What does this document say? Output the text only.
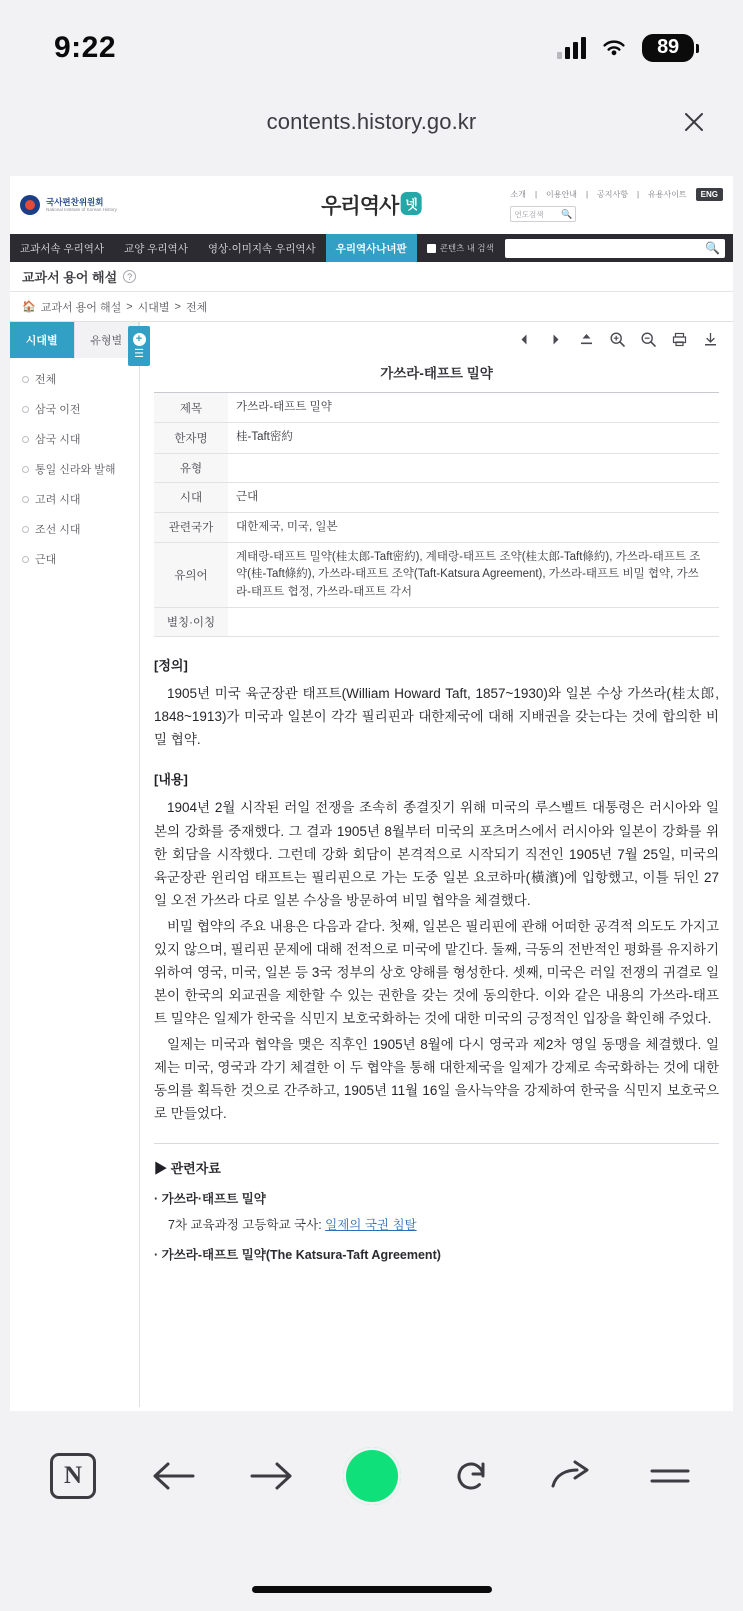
9:22	89
contents.history.go.kr
국사편찬위원회
National Institute of Korean History	우리역사 넷
소개 | 이용안내 | 공지사항 | 유용사이트	ENG
연도검색 🔍
교과서속 우리역사	교양 우리역사	영상·이미지속 우리역사	우리역사나녀판	콘텐츠 내 검색	🔍
교과서 용어 해설	?
🏠 교과서 용어 해설 > 시대별 > 전체
시대별	유형별
전체
삼국 이전
삼국 시대
통일 신라와 발해
고려 시대
조선 시대
근대
+
☰
가쓰라-태프트 밀약
제목	가쓰라-태프트 밀약
한자명	桂-Taft密約
유형	
시대	근대
관련국가	대한제국, 미국, 일본
유의어	계태랑-태프트 밀약(桂太郎-Taft密約), 계태랑-태프트 조약(桂太郎-Taft條約), 가쓰라-태프트 조약(桂-Taft條約), 가쓰라-태프트 조약(Taft-Katsura Agreement), 가쓰라-태프트 비밀 협약, 가쓰라-태프트 협정, 가쓰라-태프트 각서
별칭·이칭	
[정의]

1905년 미국 육군장관 태프트(William Howard Taft, 1857~1930)와 일본 수상 가쓰라(桂太郎, 1848~1913)가 미국과 일본이 각각 필리핀과 대한제국에 대해 지배권을 갖는다는 것에 합의한 비밀 협약.

[내용]

1904년 2월 시작된 러일 전쟁을 조속히 종결짓기 위해 미국의 루스벨트 대통령은 러시아와 일본의 강화를 중재했다. 그 결과 1905년 8월부터 미국의 포츠머스에서 러시아와 일본이 강화를 위한 회담을 시작했다. 그런데 강화 회담이 본격적으로 시작되기 직전인 1905년 7월 25일, 미국의 육군장관 윈리엄 태프트는 필리핀으로 가는 도중 일본 요코하마(橫濱)에 입항했고, 이틀 뒤인 27일 오전 가쓰라 다로 일본 수상을 방문하여 비밀 협약을 체결했다.

비밀 협약의 주요 내용은 다음과 같다. 첫째, 일본은 필리핀에 관해 어떠한 공격적 의도도 가지고 있지 않으며, 필리핀 문제에 대해 전적으로 미국에 맡긴다. 둘째, 극동의 전반적인 평화를 유지하기 위하여 영국, 미국, 일본 등 3국 정부의 상호 양해를 형성한다. 셋째, 미국은 러일 전쟁의 귀결로 일본이 한국의 외교권을 제한할 수 있는 권한을 갖는 것에 동의한다. 이와 같은 내용의 가쓰라-태프트 밀약은 일제가 한국을 식민지 보호국화하는 것에 대한 미국의 긍정적인 입장을 확인해 주었다.

일제는 미국과 협약을 맺은 직후인 1905년 8월에 다시 영국과 제2차 영일 동맹을 체결했다. 일제는 미국, 영국과 각기 체결한 이 두 협약을 통해 대한제국을 일제가 강제로 속국화하는 것에 대한 동의를 획득한 것으로 간주하고, 1905년 11월 16일 을사늑약을 강제하여 한국을 식민지 보호국으로 만들었다.

▶ 관련자료
· 가쓰라·태프트 밀약
7차 교육과정 고등학교 국사: 일제의 국권 침탈
· 가쓰라-태프트 밀약(The Katsura-Taft Agreement)
N
